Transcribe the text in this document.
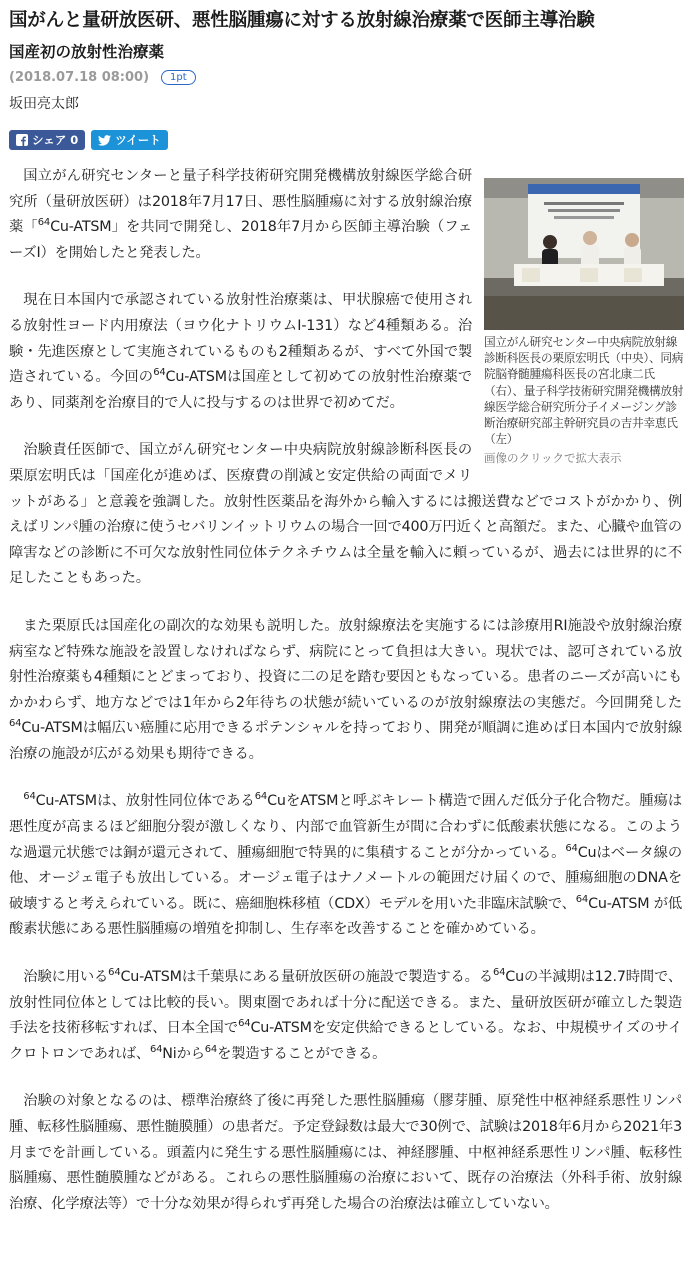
国がんと量研放医研、悪性脳腫瘍に対する放射線治療薬で医師主導治験
国産初の放射性治療薬
(2018.07.18 08:00)	1pt
坂田亮太郎
シェア 0	ツイート
国立がん研究センター中央病院放射線診断科医長の栗原宏明氏（中央）、同病院脳脊髄腫瘍科医長の宮北康二氏（右）、量子科学技術研究開発機構放射線医学総合研究所分子イメージング診断治療研究部主幹研究員の吉井幸恵氏（左）
画像のクリックで拡大表示

国立がん研究センターと量子科学技術研究開発機構放射線医学総合研究所（量研放医研）は2018年7月17日、悪性脳腫瘍に対する放射線治療薬「$^{64}$Cu-ATSM」を共同で開発し、2018年7月から医師主導治験（フェーズI）を開始したと発表した。

現在日本国内で承認されている放射性治療薬は、甲状腺癌で使用される放射性ヨード内用療法（ヨウ化ナトリウムI-131）など4種類ある。治験・先進医療として実施されているものも2種類あるが、すべて外国で製造されている。今回の$^{64}$Cu-ATSMは国産として初めての放射性治療薬であり、同薬剤を治療目的で人に投与するのは世界で初めてだ。

治験責任医師で、国立がん研究センター中央病院放射線診断科医長の栗原宏明氏は「国産化が進めば、医療費の削減と安定供給の両面でメリットがある」と意義を強調した。放射性医薬品を海外から輸入するには搬送費などでコストがかかり、例えばリンパ腫の治療に使うセバリンイットリウムの場合一回で400万円近くと高額だ。また、心臓や血管の障害などの診断に不可欠な放射性同位体テクネチウムは全量を輸入に頼っているが、過去には世界的に不足したこともあった。

また栗原氏は国産化の副次的な効果も説明した。放射線療法を実施するには診療用RI施設や放射線治療病室など特殊な施設を設置しなければならず、病院にとって負担は大きい。現状では、認可されている放射性治療薬も4種類にとどまっており、投資に二の足を踏む要因ともなっている。患者のニーズが高いにもかかわらず、地方などでは1年から2年待ちの状態が続いているのが放射線療法の実態だ。今回開発した$^{64}$Cu-ATSMは幅広い癌腫に応用できるポテンシャルを持っており、開発が順調に進めば日本国内で放射線治療の施設が広がる効果も期待できる。

$^{64}$Cu-ATSMは、放射性同位体である$^{64}$CuをATSMと呼ぶキレート構造で囲んだ低分子化合物だ。腫瘍は悪性度が高まるほど細胞分裂が激しくなり、内部で血管新生が間に合わずに低酸素状態になる。このような過還元状態では銅が還元されて、腫瘍細胞で特異的に集積することが分かっている。$^{64}$Cuはベータ線の他、オージェ電子も放出している。オージェ電子はナノメートルの範囲だけ届くので、腫瘍細胞のDNAを破壊すると考えられている。既に、癌細胞株移植（CDX）モデルを用いた非臨床試験で、$^{64}$Cu-ATSM が低酸素状態にある悪性脳腫瘍の増殖を抑制し、生存率を改善することを確かめている。

治験に用いる$^{64}$Cu-ATSMは千葉県にある量研放医研の施設で製造する。る$^{64}$Cuの半減期は12.7時間で、放射性同位体としては比較的長い。関東圏であれば十分に配送できる。また、量研放医研が確立した製造手法を技術移転すれば、日本全国で$^{64}$Cu-ATSMを安定供給できるとしている。なお、中規模サイズのサイクロトロンであれば、$^{64}$Niから$^{64}$を製造することができる。

治験の対象となるのは、標準治療終了後に再発した悪性脳腫瘍（膠芽腫、原発性中枢神経系悪性リンパ腫、転移性脳腫瘍、悪性髄膜腫）の患者だ。予定登録数は最大で30例で、試験は2018年6月から2021年3月までを計画している。頭蓋内に発生する悪性脳腫瘍には、神経膠腫、中枢神経系悪性リンパ腫、転移性脳腫瘍、悪性髄膜腫などがある。これらの悪性脳腫瘍の治療において、既存の治療法（外科手術、放射線治療、化学療法等）で十分な効果が得られず再発した場合の治療法は確立していない。
